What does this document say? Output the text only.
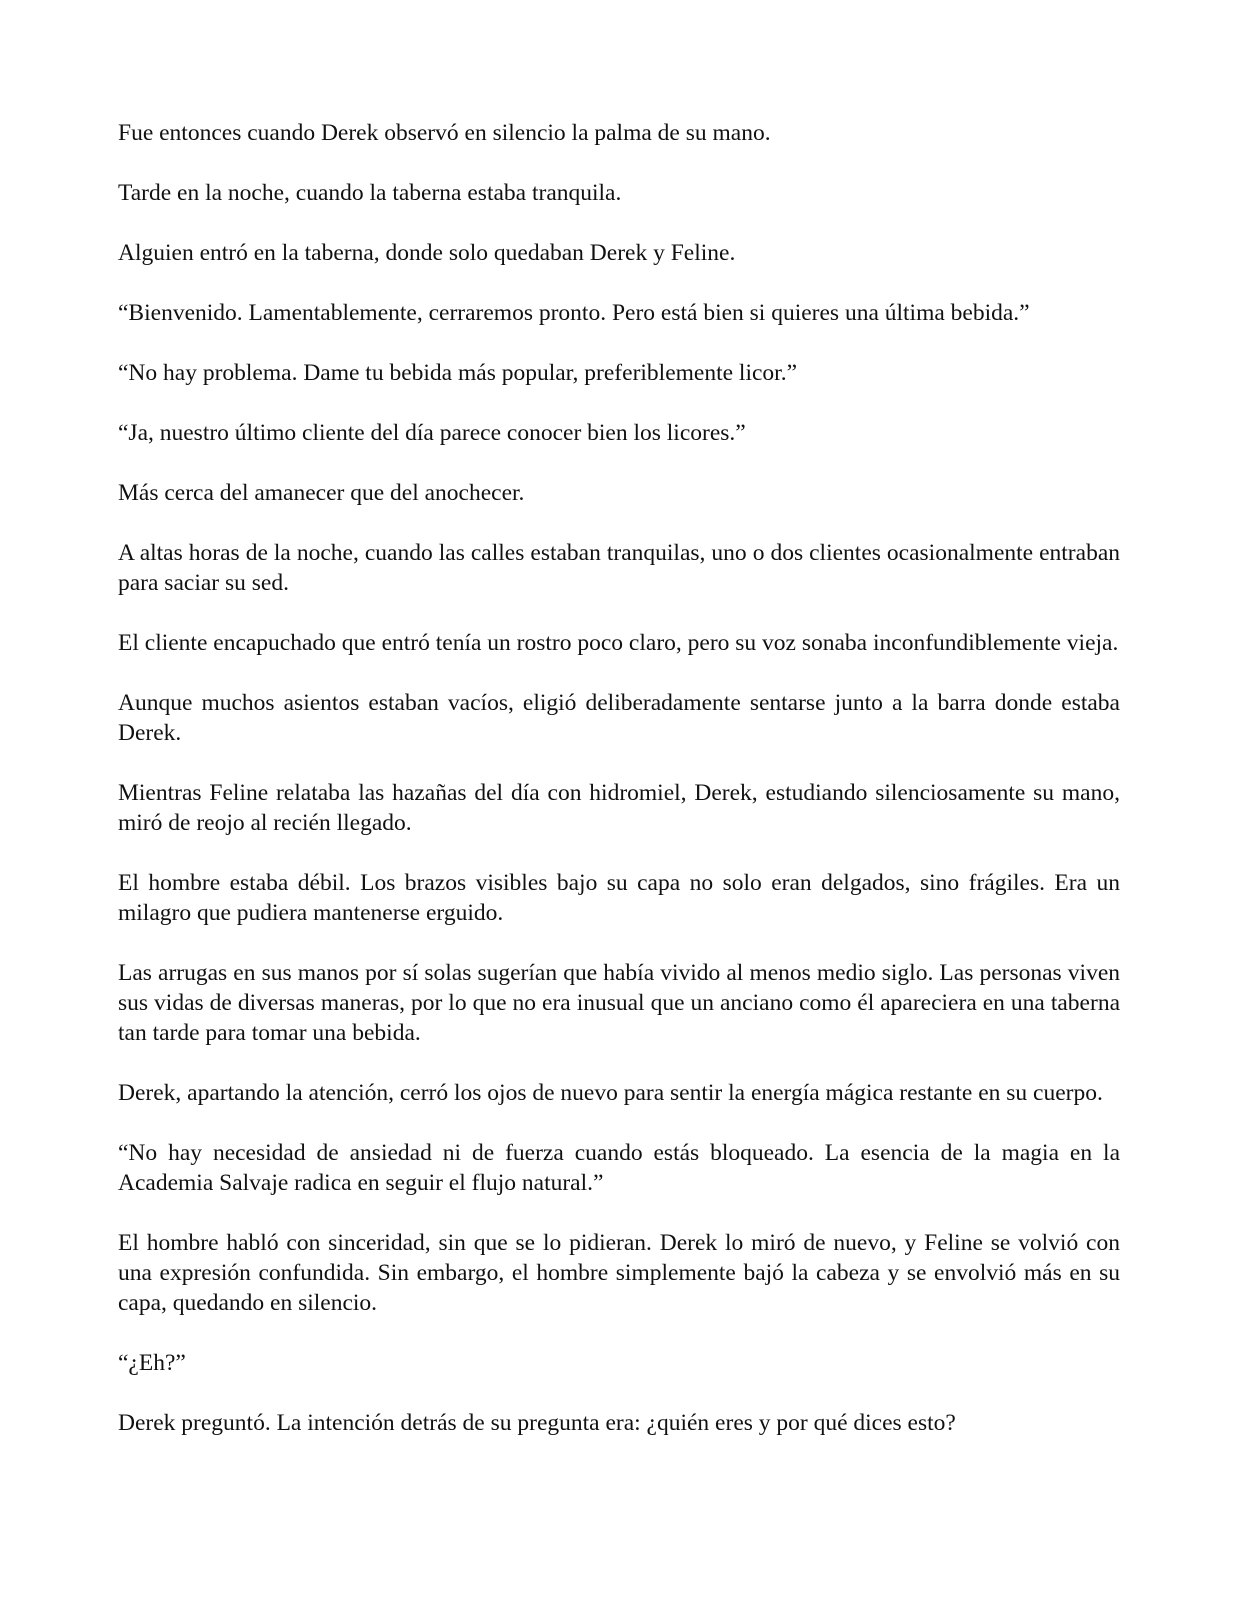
Fue entonces cuando Derek observó en silencio la palma de su mano.

Tarde en la noche, cuando la taberna estaba tranquila.

Alguien entró en la taberna, donde solo quedaban Derek y Feline.

“Bienvenido. Lamentablemente, cerraremos pronto. Pero está bien si quieres una última bebida.”

“No hay problema. Dame tu bebida más popular, preferiblemente licor.”

“Ja, nuestro último cliente del día parece conocer bien los licores.”

Más cerca del amanecer que del anochecer.

A altas horas de la noche, cuando las calles estaban tranquilas, uno o dos clientes ocasionalmente entraban para saciar su sed.

El cliente encapuchado que entró tenía un rostro poco claro, pero su voz sonaba inconfundiblemente vieja.

Aunque muchos asientos estaban vacíos, eligió deliberadamente sentarse junto a la barra donde estaba Derek.

Mientras Feline relataba las hazañas del día con hidromiel, Derek, estudiando silenciosamente su mano, miró de reojo al recién llegado.

El hombre estaba débil. Los brazos visibles bajo su capa no solo eran delgados, sino frágiles. Era un milagro que pudiera mantenerse erguido.

Las arrugas en sus manos por sí solas sugerían que había vivido al menos medio siglo. Las personas viven sus vidas de diversas maneras, por lo que no era inusual que un anciano como él apareciera en una taberna tan tarde para tomar una bebida.

Derek, apartando la atención, cerró los ojos de nuevo para sentir la energía mágica restante en su cuerpo.

“No hay necesidad de ansiedad ni de fuerza cuando estás bloqueado. La esencia de la magia en la Academia Salvaje radica en seguir el flujo natural.”

El hombre habló con sinceridad, sin que se lo pidieran. Derek lo miró de nuevo, y Feline se volvió con una expresión confundida. Sin embargo, el hombre simplemente bajó la cabeza y se envolvió más en su capa, quedando en silencio.

“¿Eh?”

Derek preguntó. La intención detrás de su pregunta era: ¿quién eres y por qué dices esto?
